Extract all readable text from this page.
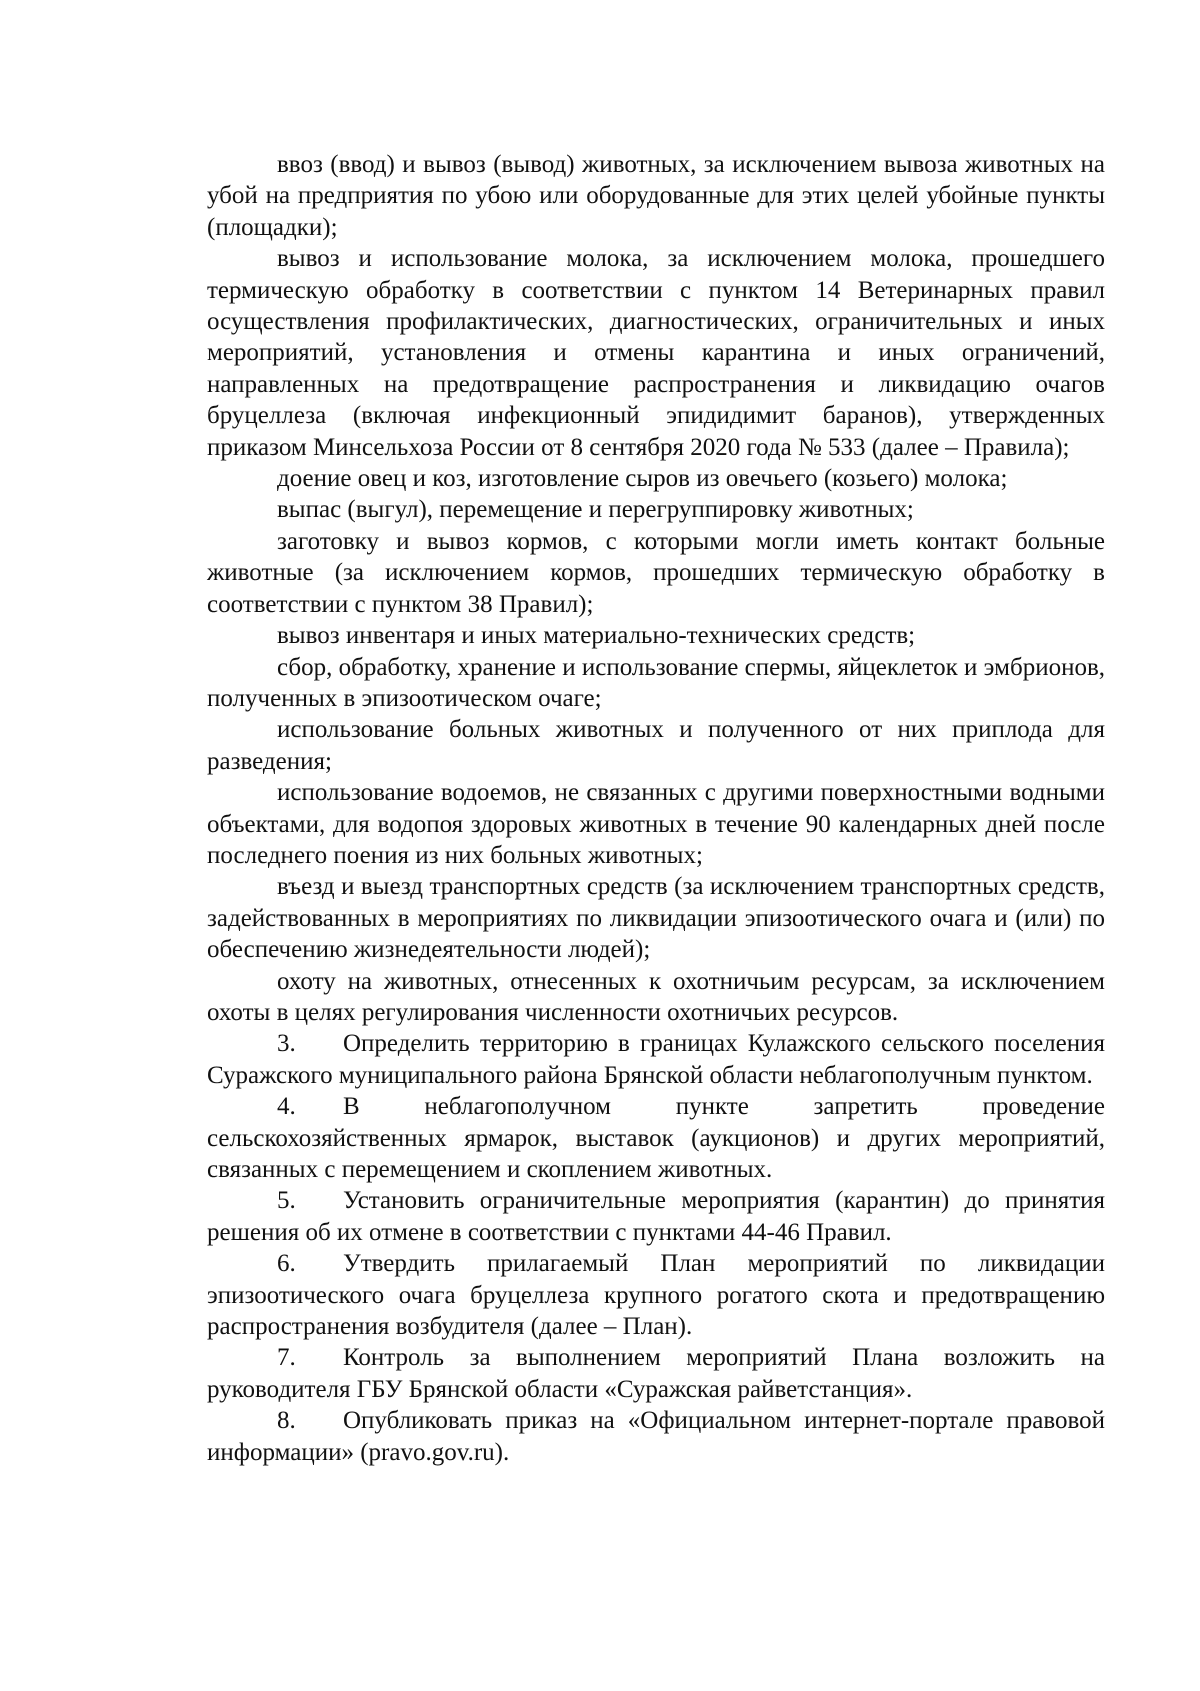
ввоз (ввод) и вывоз (вывод) животных, за исключением вывоза животных на убой на предприятия по убою или оборудованные для этих целей убойные пункты (площадки);

вывоз и использование молока, за исключением молока, прошедшего термическую обработку в соответствии с пунктом 14 Ветеринарных правил осуществления профилактических, диагностических, ограничительных и иных мероприятий, установления и отмены карантина и иных ограничений, направленных на предотвращение распространения и ликвидацию очагов бруцеллеза (включая инфекционный эпидидимит баранов), утвержденных приказом Минсельхоза России от 8 сентября 2020 года № 533 (далее – Правила);

доение овец и коз, изготовление сыров из овечьего (козьего) молока;

выпас (выгул), перемещение и перегруппировку животных;

заготовку и вывоз кормов, с которыми могли иметь контакт больные животные (за исключением кормов, прошедших термическую обработку в соответствии с пунктом 38 Правил);

вывоз инвентаря и иных материально-технических средств;

сбор, обработку, хранение и использование спермы, яйцеклеток и эмбрионов, полученных в эпизоотическом очаге;

использование больных животных и полученного от них приплода для разведения;

использование водоемов, не связанных с другими поверхностными водными объектами, для водопоя здоровых животных в течение 90 календарных дней после последнего поения из них больных животных;

въезд и выезд транспортных средств (за исключением транспортных средств, задействованных в мероприятиях по ликвидации эпизоотического очага и (или) по обеспечению жизнедеятельности людей);

охоту на животных, отнесенных к охотничьим ресурсам, за исключением охоты в целях регулирования численности охотничьих ресурсов.

3. Определить территорию в границах Кулажского сельского поселения Суражского муниципального района Брянской области неблагополучным пунктом.

4. В неблагополучном пункте запретить проведение сельскохозяйственных ярмарок, выставок (аукционов) и других мероприятий, связанных с перемещением и скоплением животных.

5. Установить ограничительные мероприятия (карантин) до принятия решения об их отмене в соответствии с пунктами 44-46 Правил.

6. Утвердить прилагаемый План мероприятий по ликвидации эпизоотического очага бруцеллеза крупного рогатого скота и предотвращению распространения возбудителя (далее – План).

7. Контроль за выполнением мероприятий Плана возложить на руководителя ГБУ Брянской области «Суражская райветстанция».

8. Опубликовать приказ на «Официальном интернет-портале правовой информации» (pravo.gov.ru).
